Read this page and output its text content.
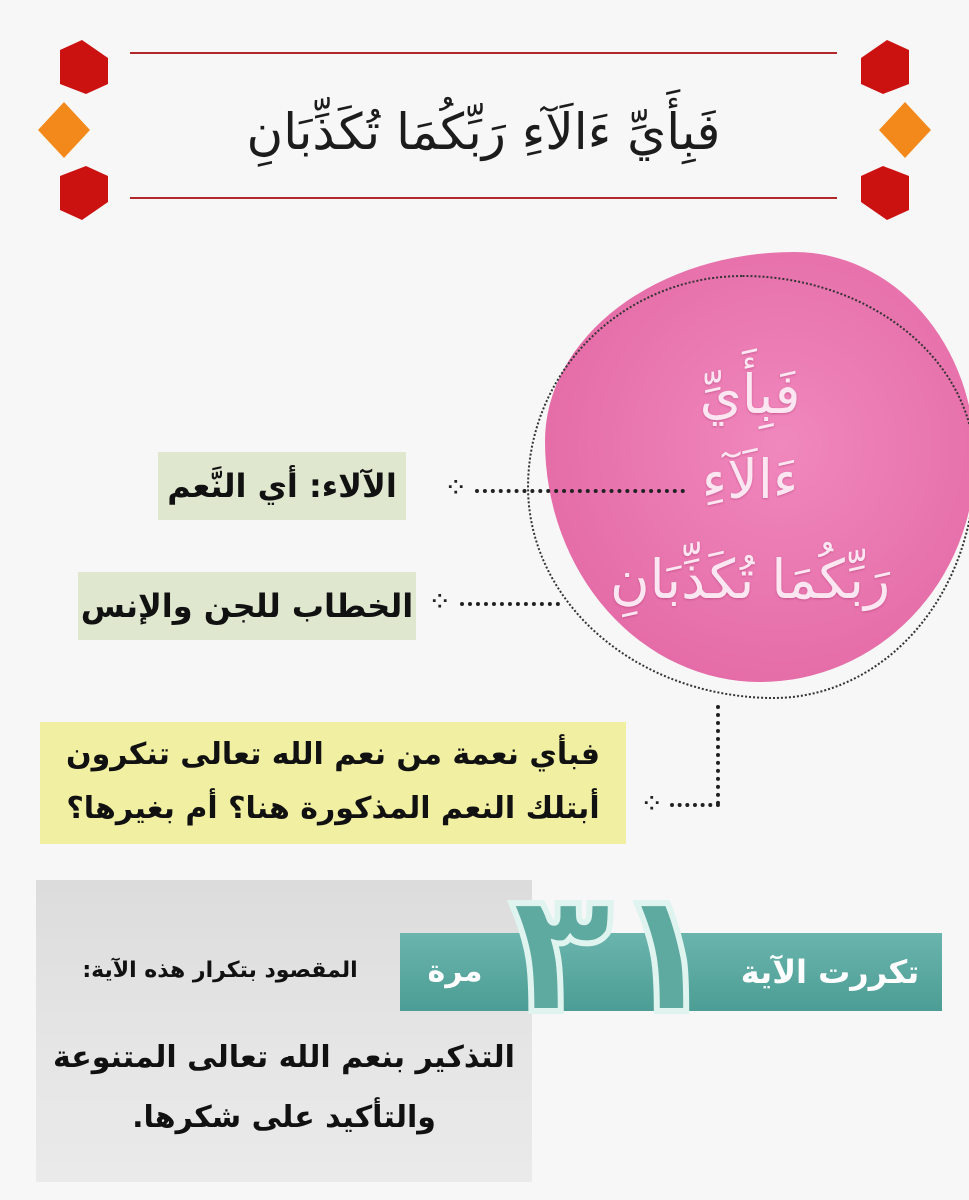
فَبِأَيِّ ءَالَآءِ رَبِّكُمَا تُكَذِّبَانِ
فَبِأَيِّ
ءَالَآءِ
رَبِّكُمَا تُكَذِّبَانِ
⁘
⁘
الآلاء: أي النَّعم
الخطاب للجن والإنس
⁘
فبأي نعمة من نعم الله تعالى تنكرون
أبتلك النعم المذكورة هنا؟ أم بغيرها؟
٣١ تكررت الآية
مرة
المقصود بتكرار هذه الآية:
التذكير بنعم الله تعالى المتنوعة
والتأكيد على شكرها.
